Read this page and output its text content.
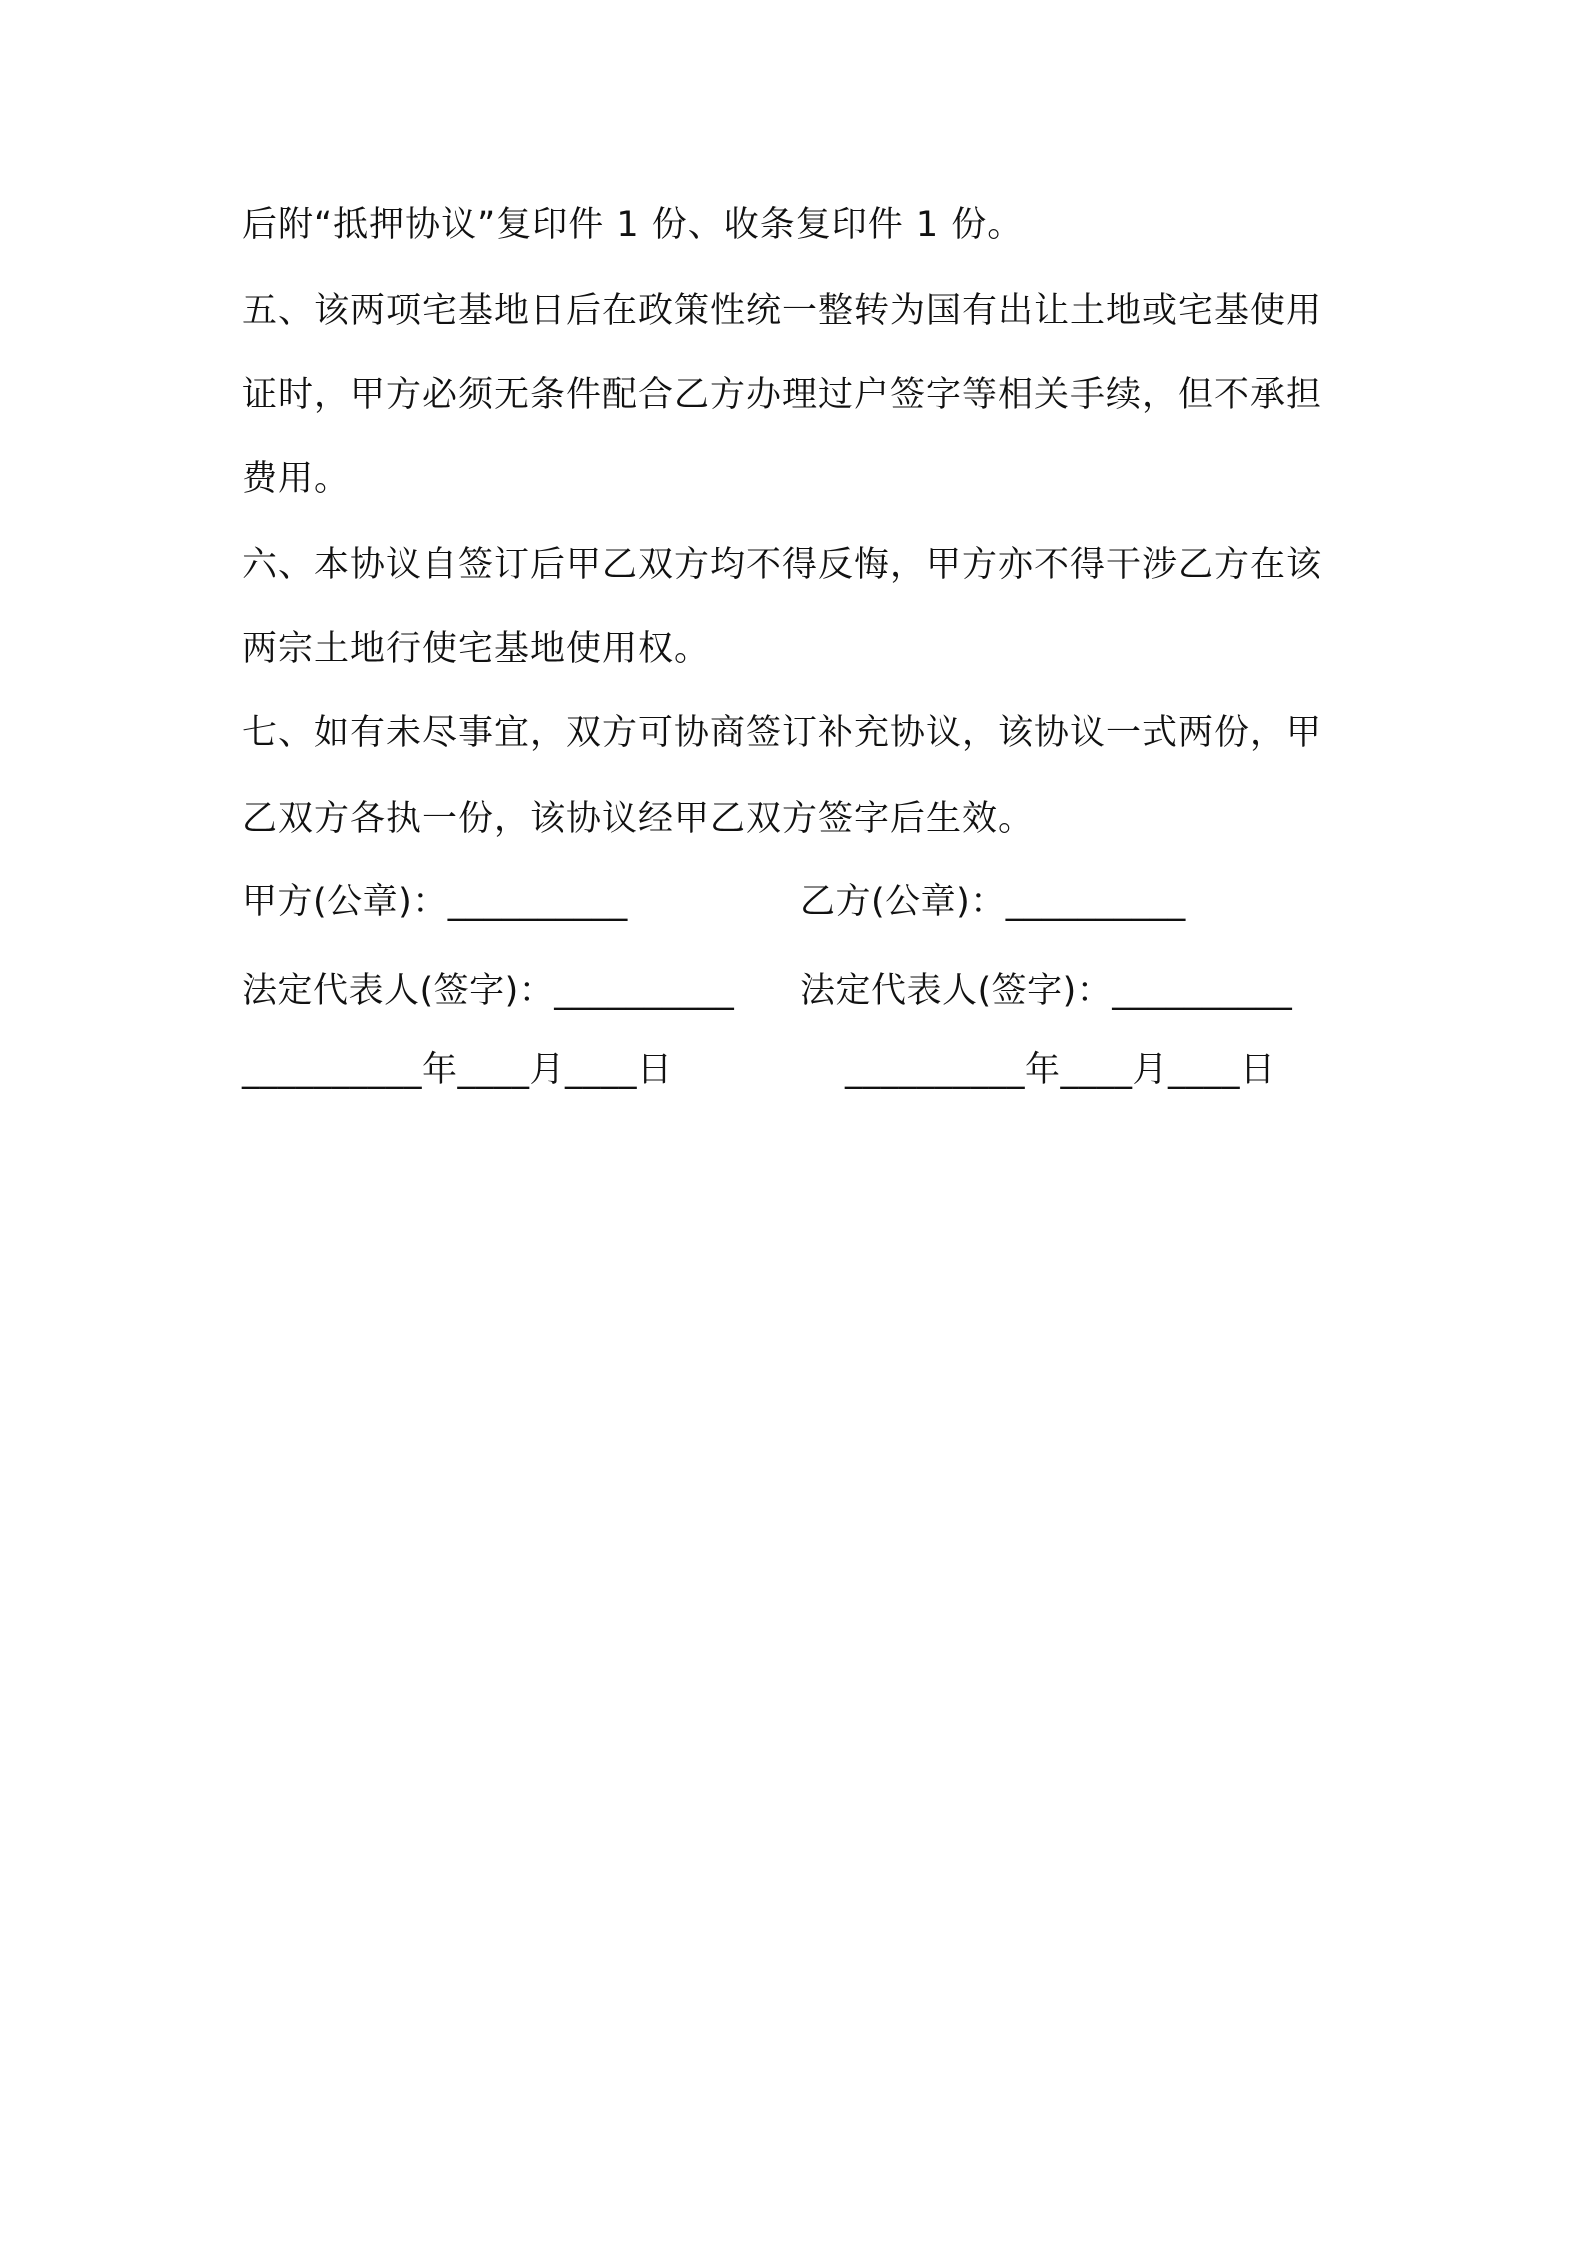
后附“抵押协议”复印件 1 份、收条复印件 1 份。
五、该两项宅基地日后在政策性统一整转为国有出让土地或宅基使用
证时，甲方必须无条件配合乙方办理过户签字等相关手续，但不承担
费用。
六、本协议自签订后甲乙双方均不得反悔，甲方亦不得干涉乙方在该
两宗土地行使宅基地使用权。
七、如有未尽事宜，双方可协商签订补充协议，该协议一式两份，甲
乙双方各执一份，该协议经甲乙双方签字后生效。
甲方(公章)：__________	乙方(公章)：__________
法定代表人(签字)：__________ 法定代表人(签字)：__________
__________年____月____日	__________年____月____日
